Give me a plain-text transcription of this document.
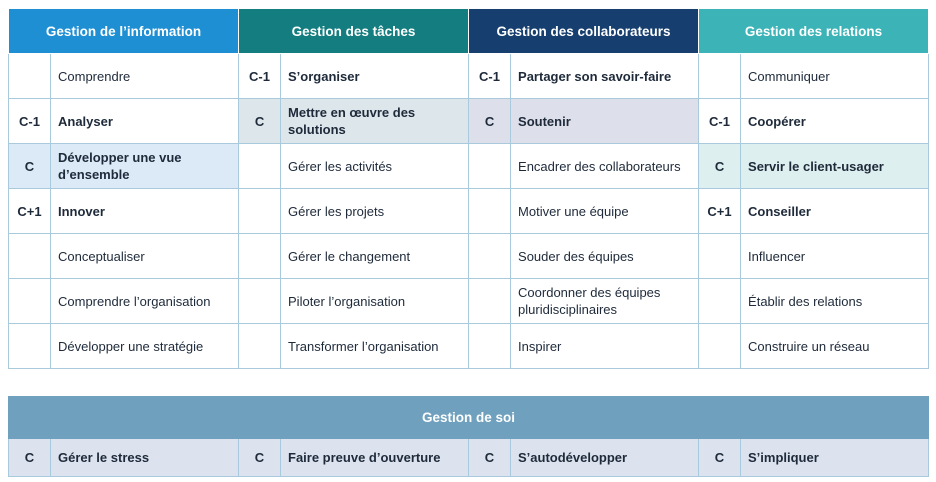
Gestion de l’information		Gestion des tâches		Gestion des collaborateurs		Gestion des relations	
	Comprendre	C-1	S’organiser	C-1	Partager son savoir-faire		Communiquer
C-1	Analyser	C	Mettre en œuvre des solutions	C	Soutenir	C-1	Coopérer
C	Développer une vue d’ensemble		Gérer les activités		Encadrer des collaborateurs	C	Servir le client-usager
C+1	Innover		Gérer les projets		Motiver une équipe	C+1	Conseiller
	Conceptualiser		Gérer le changement		Souder des équipes		Influencer
	Comprendre l’organisation		Piloter l’organisation		Coordonner des équipes pluridisciplinaires		Établir des relations
	Développer une stratégie		Transformer l’organisation		Inspirer		Construire un réseau
Gestion de soi
C	Gérer le stress	C	Faire preuve d’ouverture	C	S’autodévelopper	C	S’impliquer
